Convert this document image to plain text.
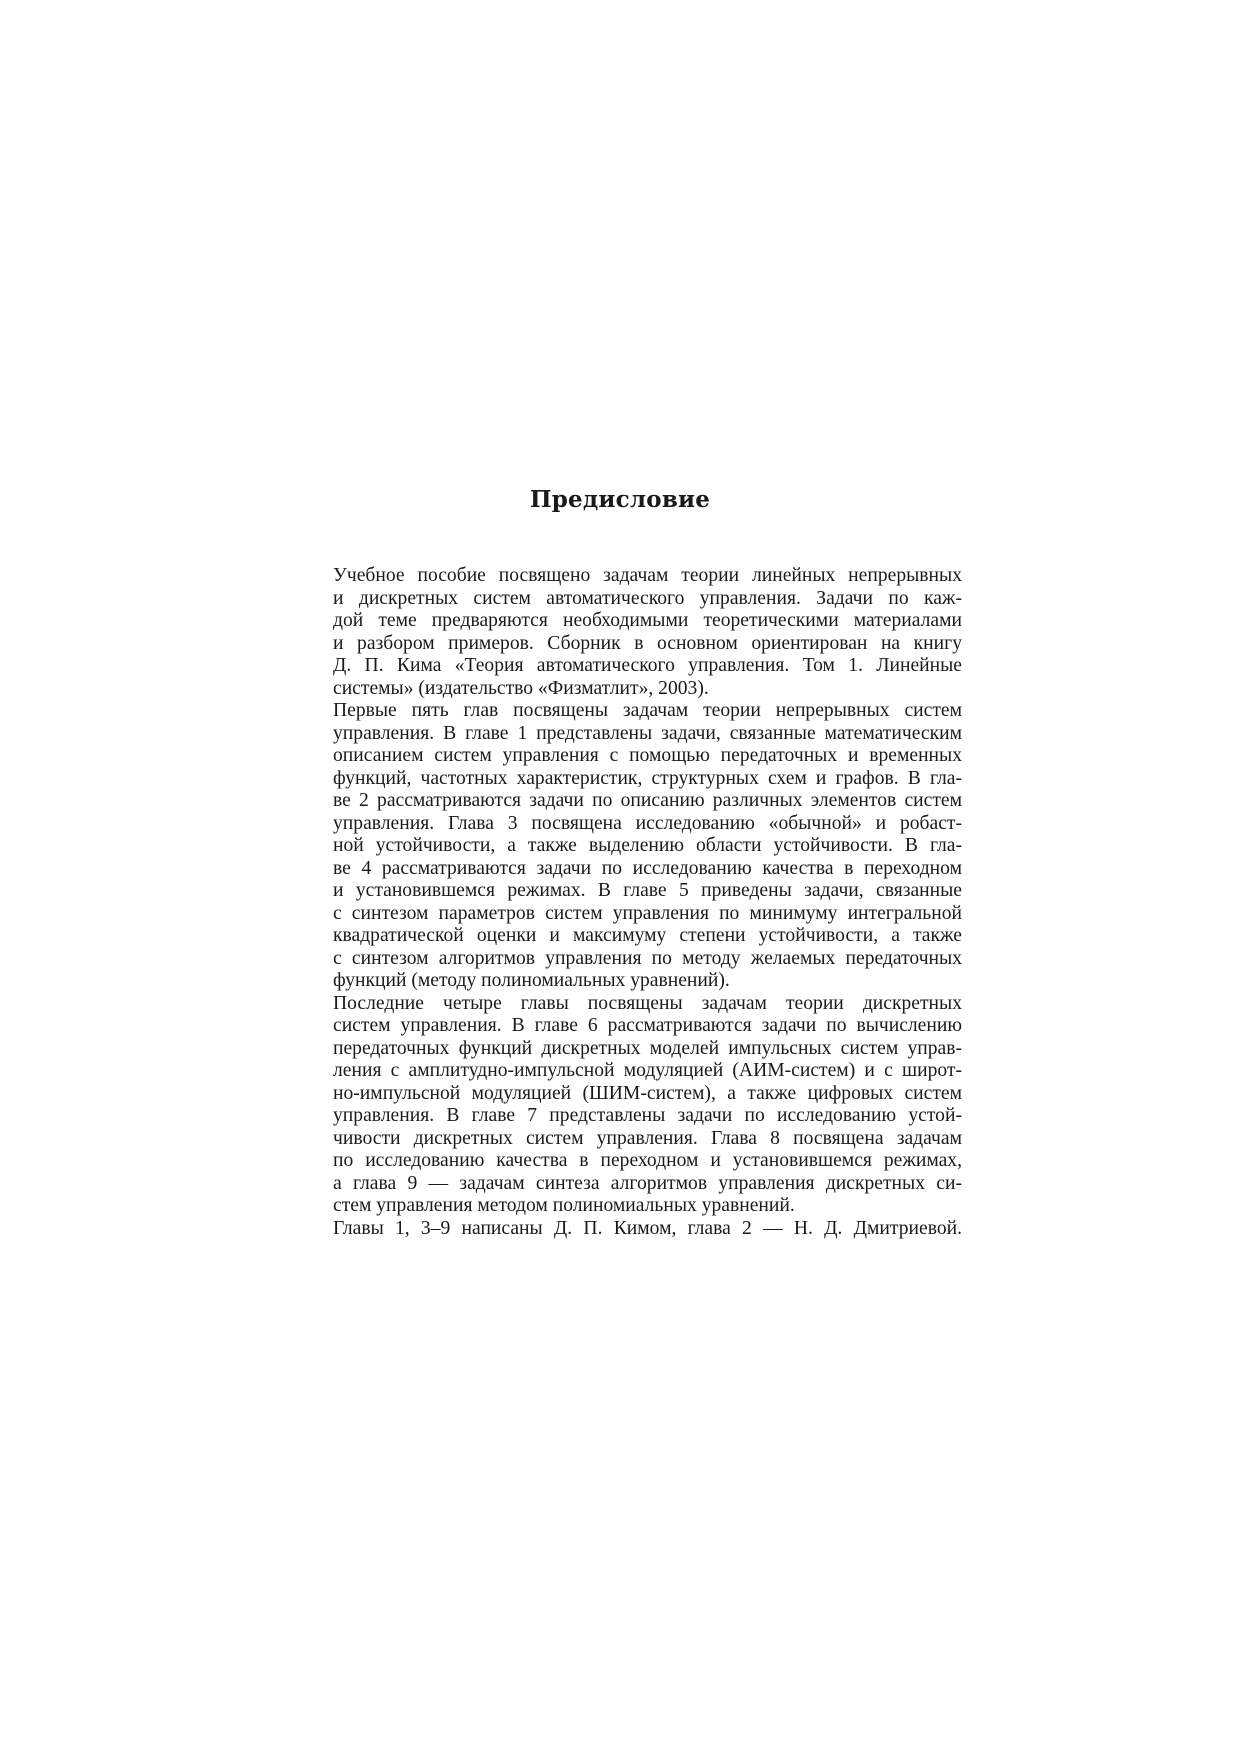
Предисловие

Учебное пособие посвящено задачам теории линейных непрерывных
и дискретных систем автоматического управления. Задачи по каж-
дой теме предваряются необходимыми теоретическими материалами
и разбором примеров. Сборник в основном ориентирован на книгу
Д. П. Кима «Теория автоматического управления. Том 1. Линейные
системы» (издательство «Физматлит», 2003).

Первые пять глав посвящены задачам теории непрерывных систем
управления. В главе 1 представлены задачи, связанные математическим
описанием систем управления с помощью передаточных и временных
функций, частотных характеристик, структурных схем и графов. В гла-
ве 2 рассматриваются задачи по описанию различных элементов систем
управления. Глава 3 посвящена исследованию «обычной» и робаст-
ной устойчивости, а также выделению области устойчивости. В гла-
ве 4 рассматриваются задачи по исследованию качества в переходном
и установившемся режимах. В главе 5 приведены задачи, связанные
с синтезом параметров систем управления по минимуму интегральной
квадратической оценки и максимуму степени устойчивости, а также
с синтезом алгоритмов управления по методу желаемых передаточных
функций (методу полиномиальных уравнений).

Последние четыре главы посвящены задачам теории дискретных
систем управления. В главе 6 рассматриваются задачи по вычислению
передаточных функций дискретных моделей импульсных систем управ-
ления с амплитудно-импульсной модуляцией (АИМ-систем) и с широт-
но-импульсной модуляцией (ШИМ-систем), а также цифровых систем
управления. В главе 7 представлены задачи по исследованию устой-
чивости дискретных систем управления. Глава 8 посвящена задачам
по исследованию качества в переходном и установившемся режимах,
а глава 9 — задачам синтеза алгоритмов управления дискретных си-
стем управления методом полиномиальных уравнений.

Главы 1, 3–9 написаны Д. П. Кимом, глава 2 — Н. Д. Дмитриевой.
